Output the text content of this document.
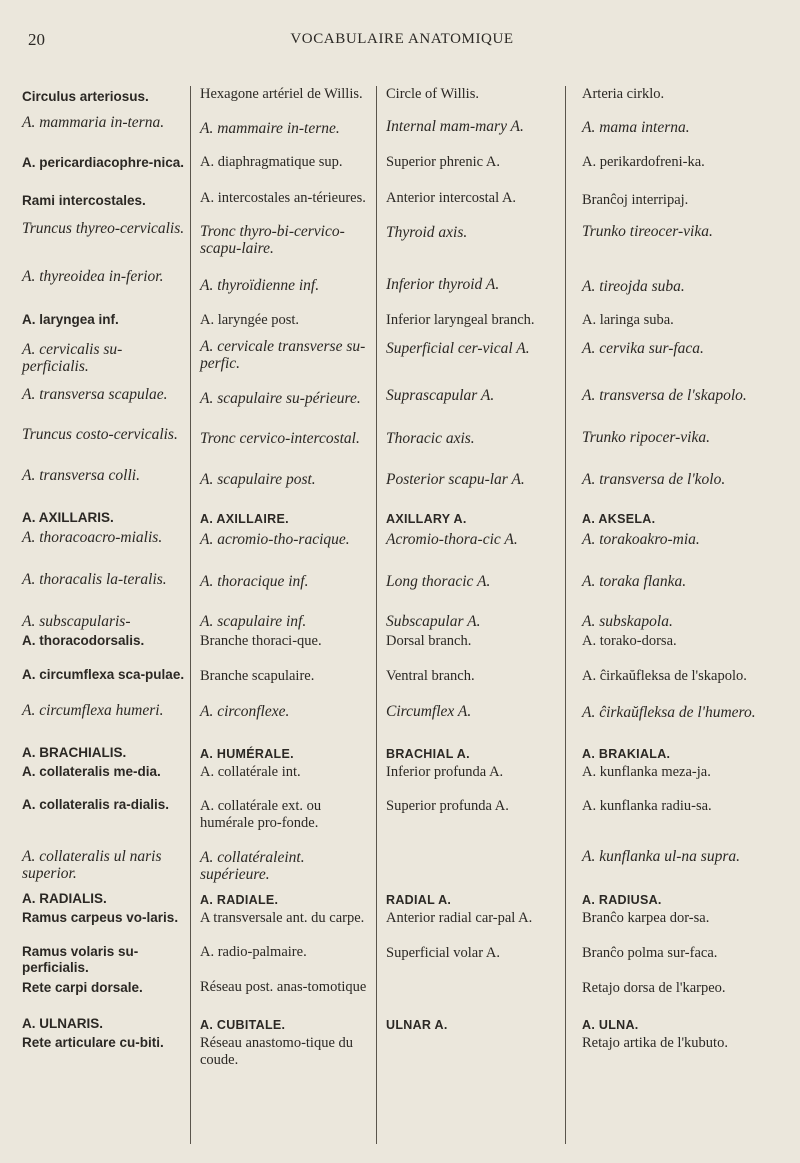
20	VOCABULAIRE ANATOMIQUE
Circulus arteriosus.
A. mammaria in-terna.
A. pericardiacophre-nica.
Rami intercostales.
Truncus thyreo-cervicalis.
A. thyreoidea in-ferior.
A. laryngea inf.
A. cervicalis su-perficialis.
A. transversa scapulae.
Truncus costo-cervicalis.
A. transversa colli.
A. AXILLARIS.
A. thoracoacro-mialis.
A. thoracalis la-teralis.
A. subscapularis-
A. thoracodorsalis.
A. circumflexa sca-pulae.
A. circumflexa humeri.
A. BRACHIALIS.
A. collateralis me-dia.
A. collateralis ra-dialis.
A. collateralis ul naris superior.
A. RADIALIS.
Ramus carpeus vo-laris.
Ramus volaris su-perficialis.
Rete carpi dorsale.
A. ULNARIS.
Rete articulare cu-biti.
Hexagone artériel de Willis.
A. mammaire in-terne.
A. diaphragmatique sup.
A. intercostales an-térieures.
Tronc thyro-bi-cervico-scapu-laire.
A. thyroïdienne inf.
A. laryngée post.
A. cervicale transverse su-perfic.
A. scapulaire su-périeure.
Tronc cervico-intercostal.
A. scapulaire post.
A. AXILLAIRE.
A. acromio-tho-racique.
A. thoracique inf.
A. scapulaire inf.
Branche thoraci-que.
Branche scapulaire.
A. circonflexe.
A. HUMÉRALE.
A. collatérale int.
A. collatérale ext. ou humérale pro-fonde.
A. collatéraleint. supérieure.
A. RADIALE.
A transversale ant. du carpe.
A. radio-palmaire.
Réseau post. anas-tomotique
A. CUBITALE.
Réseau anastomo-tique du coude.
Circle of Willis.
Internal mam-mary A.
Superior phrenic A.
Anterior intercostal A.
Thyroid axis.
Inferior thyroid A.
Inferior laryngeal branch.
Superficial cer-vical A.
Suprascapular A.
Thoracic axis.
Posterior scapu-lar A.
AXILLARY A.
Acromio-thora-cic A.
Long thoracic A.
Subscapular A.
Dorsal branch.
Ventral branch.
Circumflex A.
BRACHIAL A.
Inferior profunda A.
Superior profunda A.
RADIAL A.
Anterior radial car-pal A.
Superficial volar A.
ULNAR A.
Arteria cirklo.
A. mama interna.
A. perikardofreni-ka.
Branĉoj interripaj.
Trunko tireocer-vika.
A. tireojda suba.
A. laringa suba.
A. cervika sur-faca.
A. transversa de l'skapolo.
Trunko ripocer-vika.
A. transversa de l'kolo.
A. AKSELA.
A. torakoakro-mia.
A. toraka flanka.
A. subskapola.
A. torako-dorsa.
A. ĉirkaŭfleksa de l'skapolo.
A. ĉirkaŭfleksa de l'humero.
A. BRAKIALA.
A. kunflanka meza-ja.
A. kunflanka radiu-sa.
A. kunflanka ul-na supra.
A. RADIUSA.
Branĉo karpea dor-sa.
Branĉo polma sur-faca.
Retajo dorsa de l'karpeo.
A. ULNA.
Retajo artika de l'kubuto.
